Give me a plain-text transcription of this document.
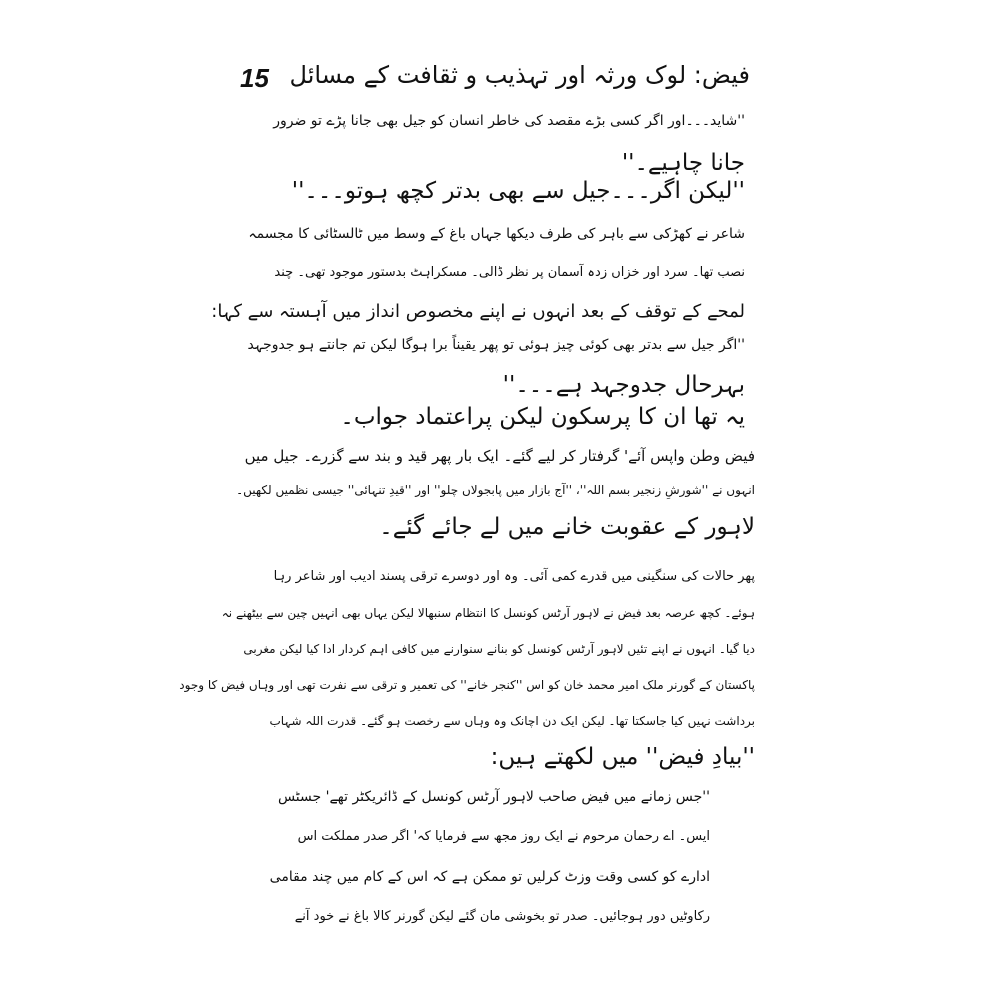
15 فیض: لوک ورثہ اور تہذیب و ثقافت کے مسائل
''شاید۔۔۔اور اگر کسی بڑے مقصد کی خاطر انسان کو جیل بھی جانا پڑے تو ضرور
جانا چاہیے۔''
''لیکن اگر۔۔۔جیل سے بھی بدتر کچھ ہوتو۔۔۔''
شاعر نے کھڑکی سے باہر کی طرف دیکھا جہاں باغ کے وسط میں ٹالسٹائی کا مجسمہ
نصب تھا۔ سرد اور خزاں زدہ آسمان پر نظر ڈالی۔ مسکراہٹ بدستور موجود تھی۔ چند
لمحے کے توقف کے بعد انہوں نے اپنے مخصوص انداز میں آہستہ سے کہا:
''اگر جیل سے بدتر بھی کوئی چیز ہوئی تو پھر یقیناً برا ہوگا لیکن تم جانتے ہو جدوجہد
بہرحال جدوجہد ہے۔۔۔''
یہ تھا ان کا پرسکون لیکن پراعتماد جواب۔
فیض وطن واپس آئے' گرفتار کر لیے گئے۔ ایک بار پھر قید و بند سے گزرے۔ جیل میں
انہوں نے ''شورشِ زنجیر بسم اللہ''، ''آج بازار میں پابجولاں چلو'' اور ''قیدِ تنہائی'' جیسی نظمیں لکھیں۔
لاہور کے عقوبت خانے میں لے جائے گئے۔
پھر حالات کی سنگینی میں قدرے کمی آئی۔ وہ اور دوسرے ترقی پسند ادیب اور شاعر رہا
ہوئے۔ کچھ عرصہ بعد فیض نے لاہور آرٹس کونسل کا انتظام سنبھالا لیکن یہاں بھی انہیں چین سے بیٹھنے نہ
دیا گیا۔ انہوں نے اپنے تئیں لاہور آرٹس کونسل کو بنانے سنوارنے میں کافی اہم کردار ادا کیا لیکن مغربی
پاکستان کے گورنر ملک امیر محمد خان کو اس ''کنجر خانے'' کی تعمیر و ترقی سے نفرت تھی اور وہاں فیض کا وجود
برداشت نہیں کیا جاسکتا تھا۔ لیکن ایک دن اچانک وہ وہاں سے رخصت ہو گئے۔ قدرت اللہ شہاب
''بیادِ فیض'' میں لکھتے ہیں:
''جس زمانے میں فیض صاحب لاہور آرٹس کونسل کے ڈائریکٹر تھے' جسٹس
ایس۔ اے رحمان مرحوم نے ایک روز مجھ سے فرمایا کہ' اگر صدر مملکت اس
ادارے کو کسی وقت وزٹ کرلیں تو ممکن ہے کہ اس کے کام میں چند مقامی
رکاوٹیں دور ہوجائیں۔ صدر تو بخوشی مان گئے لیکن گورنر کالا باغ نے خود آنے
